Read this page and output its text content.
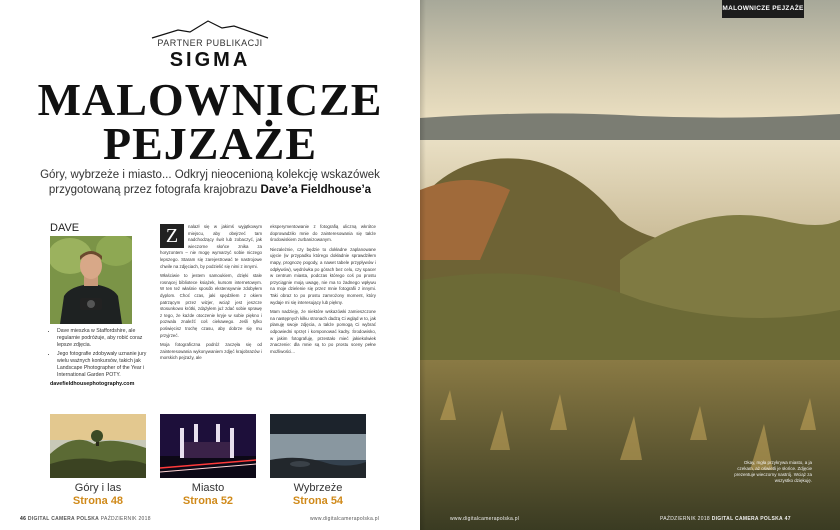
PARTNER PUBLIKACJI
SIGMA
MALOWNICZE
PEJZAŻE
Góry, wybrzeże i miasto... Odkryj nieocenioną kolekcję wskazówek przygotowaną przez fotografa krajobrazu Dave’a Fieldhouse’a
DAVE
• Dave mieszka w Staffordshire, ale regularnie podróżuje, aby robić coraz lepsze zdjęcia.
• Jego fotografie zdobywały uznanie jury wielu ważnych konkursów, takich jak Landscape Photographer of the Year i International Garden POTY.
davefieldhousephotography.com
Z	nalazł się w jakimś wyjątkowym miejscu, aby obejrzeć tam nadchodzący świt lub zobaczyć, jak wieczorne słońce znika za horyzontem – nie mogę wymarzyć sobie niczego lepszego. Staram się zarejestrować te nastrojowe chwile na zdjęciach, by podzielić się nimi z innymi.

Właściwie to jestem samoukiem, dzięki stale rosnącej bibliotece książek, kursom internetowym. W ten też właśnie sposób ekstensywnie zdobyłem dyplom. Choć czas, jaki spędziłem z okiem patrzącym przez wizjer, wciąż jest jeszcze stosunkowo krótki, zdążyłem już zdać sobie sprawę z tego, że każde otoczenie kryje w sobie piękno i pozwala znaleźć coś ciekawego. Jeśli tylko poświęcisz trochę czasu, aby dobrze się mu przyjrzeć.

Moja fotograficzna podróż zaczęła się od zainteresowania wykonywaniem zdjęć krajobrazów i morskich pejzaży, ale

eksperymentowanie z fotografią uliczną wkrótce doprowadziło mnie do zainteresowania się także środowiskiem zurbanizowanym.

Niezależnie, czy będzie to dokładne zaplanowane ujęcie (w przypadku którego dokładnie sprawdziłem mapy, prognozę pogody, a nawet tabele przypływów i odpływów), wędrówka po górach bez celu, czy spacer w centrum miasta, podczas którego coś po prostu przyciągnie moją uwagę, nie ma to żadnego wpływu na moje dzielenie się przez mnie fotografii z innymi. Taki obraz to po prostu zamrożony moment, który wydaje mi się interesujący lub piękny.

Mam nadzieję, że niektóre wskazówki zamieszczone na następnych kilku stronach dadzą Ci wgląd w to, jak planuję swoje zdjęcia, a także pomogą Ci wybrać odpowiedni sprzęt i komponować kadry. Środowisko, w jakim fotografuję, przestało mieć jakiekolwiek znaczenie: dla mnie są to po prostu sceny pełne możliwości...

Góry i las
Strona 48
Miasto
Strona 52
Wybrzeże
Strona 54
46 DIGITAL CAMERA POLSKA PAŹDZIERNIK 2018	www.digitalcamerapolska.pl
MALOWNICZE PEJZAŻE
Okay, mgła przykrywa miasto, a ja czekam, aż oświetli je słońce. Zdjęcie prezentuje wieczorny nastrój. Wciąż za wszystko dziękuję.
www.digitalcamerapolska.pl	PAŹDZIERNIK 2018 DIGITAL CAMERA POLSKA 47
